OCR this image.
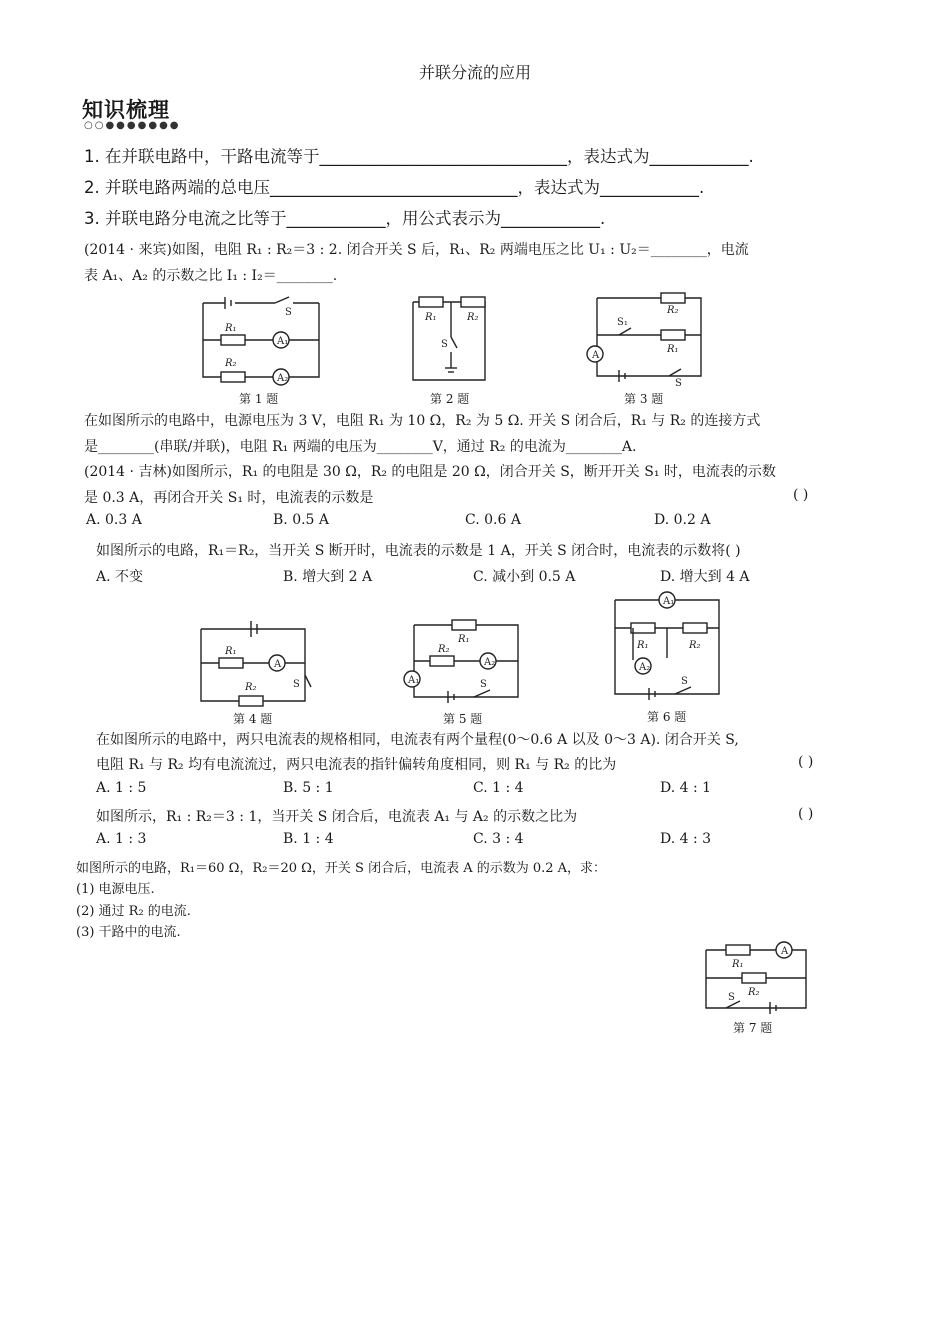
并联分流的应用
知识梳理
○○●●●●●●●
1. 在并联电路中，干路电流等于______________________________，表达式为____________.
2. 并联电路两端的总电压______________________________，表达式为____________.
3. 并联电路分电流之比等于____________，用公式表示为____________.
(2014 · 来宾)如图，电阻 R₁ : R₂＝3 : 2. 闭合开关 S 后，R₁、R₂ 两端电压之比 U₁ : U₂＝________，电流
表 A₁、A₂ 的示数之比 I₁ : I₂＝________.
S
R₁
A₁
R₂
A₂
第 1 题
R₁	R₂
S
第 2 题
R₂
S₁
R₁
A
S
第 3 题
在如图所示的电路中，电源电压为 3 V，电阻 R₁ 为 10 Ω，R₂ 为 5 Ω. 开关 S 闭合后，R₁ 与 R₂ 的连接方式
是________(串联/并联)，电阻 R₁ 两端的电压为________V，通过 R₂ 的电流为________A.
(2014 · 吉林)如图所示，R₁ 的电阻是 30 Ω，R₂ 的电阻是 20 Ω，闭合开关 S，断开开关 S₁ 时，电流表的示数
是 0.3 A，再闭合开关 S₁ 时，电流表的示数是	( )
A. 0.3 A	B. 0.5 A	C. 0.6 A	D. 0.2 A
如图所示的电路，R₁＝R₂，当开关 S 断开时，电流表的示数是 1 A，开关 S 闭合时，电流表的示数将( )
A. 不变	B. 增大到 2 A	C. 减小到 0.5 A	D. 增大到 4 A
R₁
A
R₂	S
第 4 题
R₁
R₂
A₂
A₁	S
第 5 题
A₁
R₁	R₂
A₂
S
第 6 题
在如图所示的电路中，两只电流表的规格相同，电流表有两个量程(0～0.6 A 以及 0～3 A). 闭合开关 S,
电阻 R₁ 与 R₂ 均有电流流过，两只电流表的指针偏转角度相同，则 R₁ 与 R₂ 的比为	( )
A. 1 : 5	B. 5 : 1	C. 1 : 4	D. 4 : 1
如图所示，R₁ : R₂＝3 : 1，当开关 S 闭合后，电流表 A₁ 与 A₂ 的示数之比为	( )
A. 1 : 3	B. 1 : 4	C. 3 : 4	D. 4 : 3
如图所示的电路，R₁＝60 Ω，R₂＝20 Ω，开关 S 闭合后，电流表 A 的示数为 0.2 A，求：
(1) 电源电压.
(2) 通过 R₂ 的电流.
(3) 干路中的电流.
R₁
A
R₂
S
第 7 题
